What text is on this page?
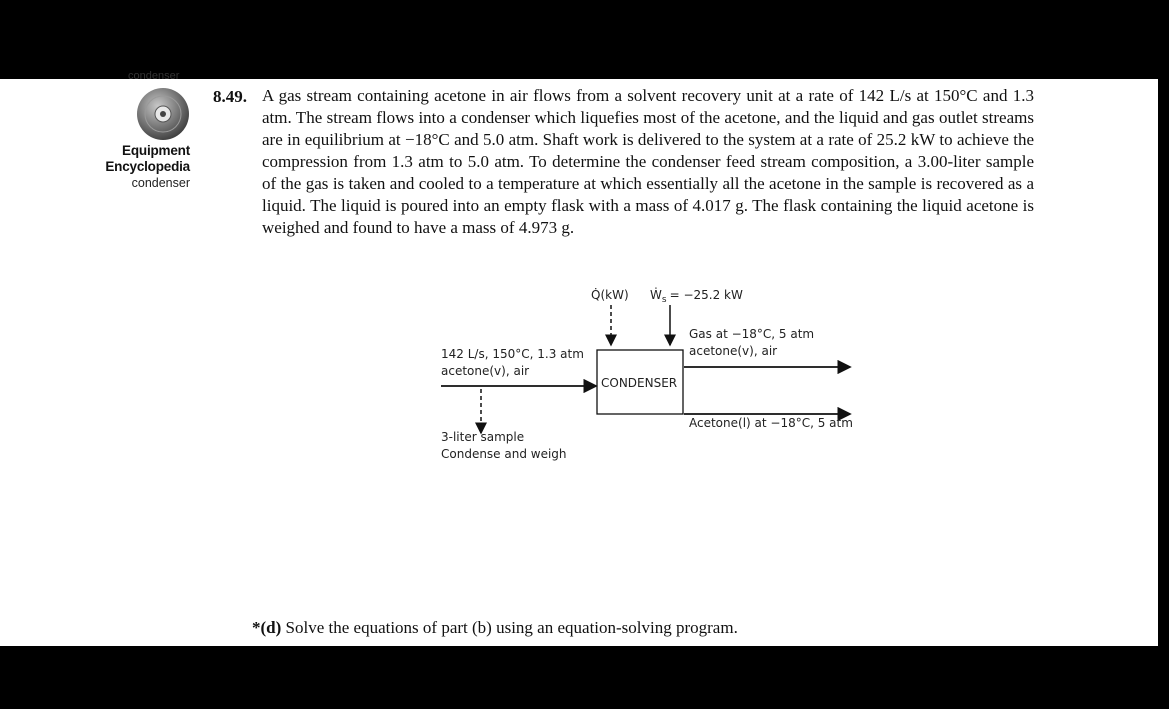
condenser
Equipment
Encyclopedia
condenser
8.49. A gas stream containing acetone in air flows from a solvent recovery unit at a rate of 142 L/s at 150°C and 1.3 atm. The stream flows into a condenser which liquefies most of the acetone, and the liquid and gas outlet streams are in equilibrium at −18°C and 5.0 atm. Shaft work is delivered to the system at a rate of 25.2 kW to achieve the compression from 1.3 atm to 5.0 atm. To determine the condenser feed stream composition, a 3.00-liter sample of the gas is taken and cooled to a temperature at which essentially all the acetone in the sample is recovered as a liquid. The liquid is poured into an empty flask with a mass of 4.017 g. The flask containing the liquid acetone is weighed and found to have a mass of 4.973 g.

Q̇(kW) Ẇ$_s$ = −25.2 kW
CONDENSER
142 L/s, 150°C, 1.3 atm
acetone(v), air
3-liter sample
Condense and weigh
Gas at −18°C, 5 atm
acetone(v), air
Acetone(l) at −18°C, 5 atm
*(d) Solve the equations of part (b) using an equation-solving program.
